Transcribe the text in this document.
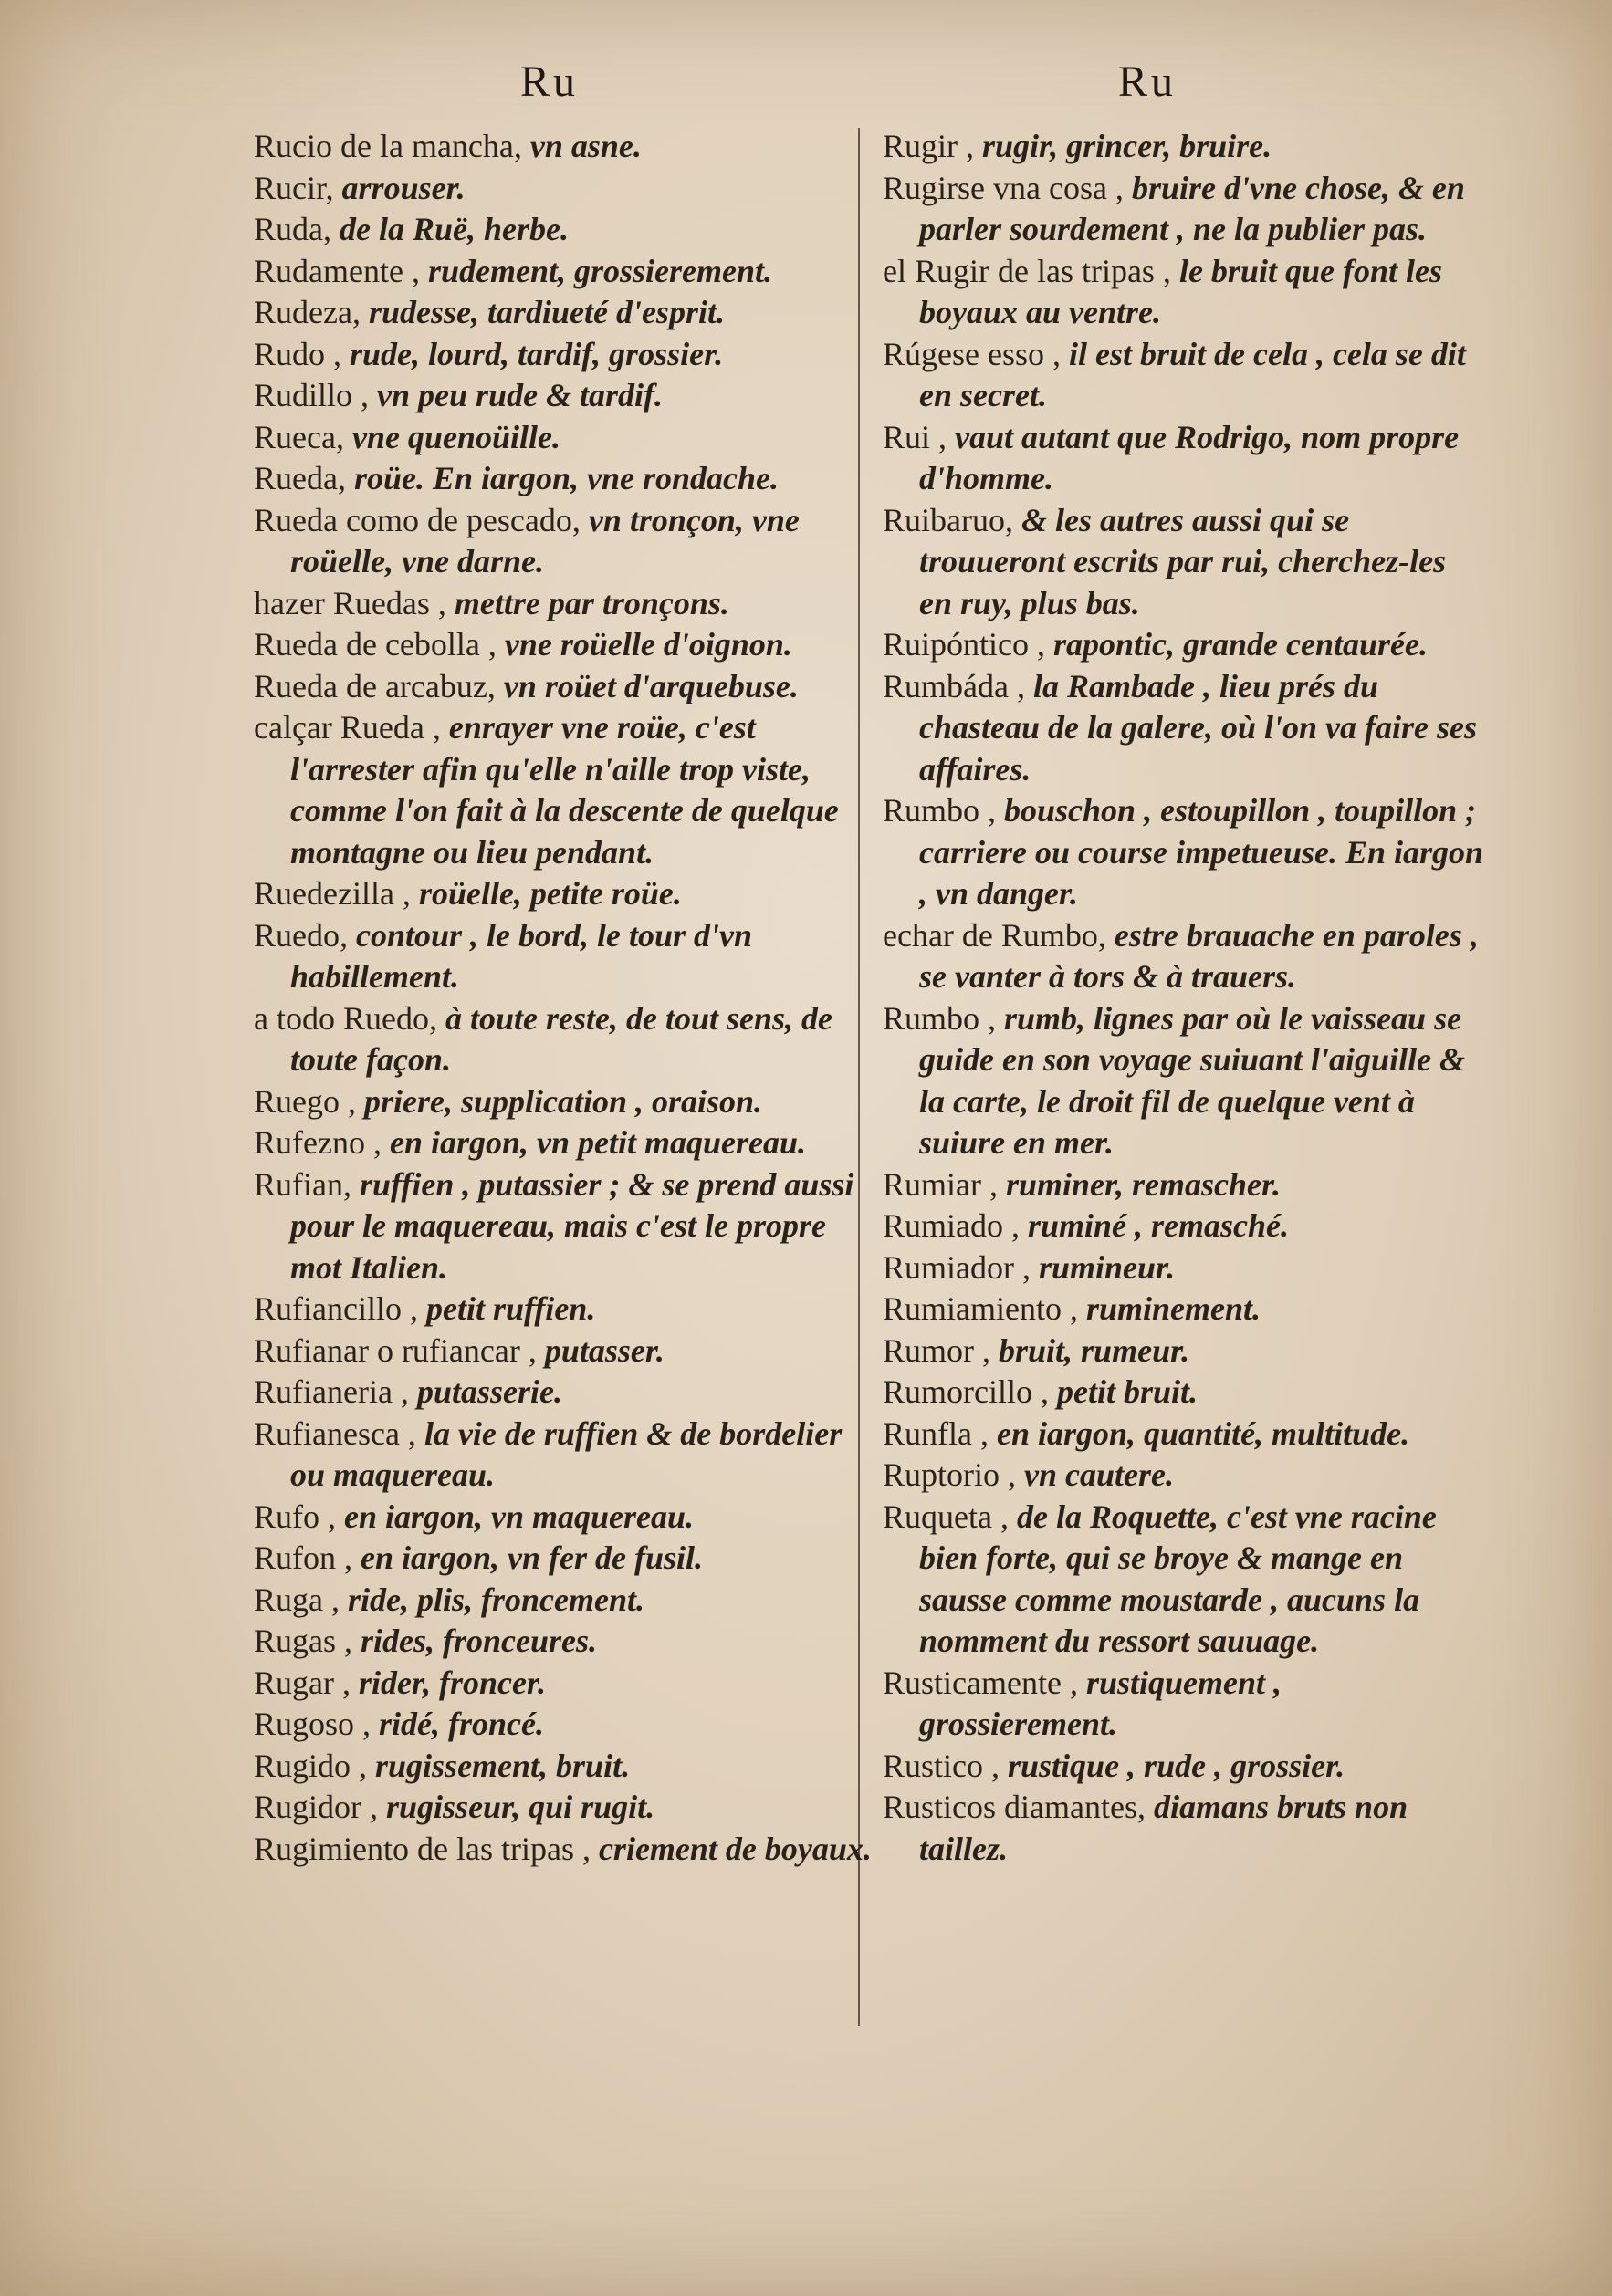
Ru	Ru

Rucio de la mancha, vn asne.

Rucir, arrouser.

Ruda, de la Ruë, herbe.

Rudamente , rudement, grossierement.

Rudeza, rudesse, tardiueté d'esprit.

Rudo , rude, lourd, tardif, grossier.

Rudillo , vn peu rude & tardif.

Rueca, vne quenoüille.

Rueda, roüe. En iargon, vne rondache.

Rueda como de pescado, vn tronçon, vne roüelle, vne darne.

hazer Ruedas , mettre par tronçons.

Rueda de cebolla , vne roüelle d'oignon.

Rueda de arcabuz, vn roüet d'arquebuse.

calçar Rueda , enrayer vne roüe, c'est l'arrester afin qu'elle n'aille trop viste, comme l'on fait à la descente de quelque montagne ou lieu pendant.

Ruedezilla , roüelle, petite roüe.

Ruedo, contour , le bord, le tour d'vn habillement.

a todo Ruedo, à toute reste, de tout sens, de toute façon.

Ruego , priere, supplication , oraison.

Rufezno , en iargon, vn petit maquereau.

Rufian, ruffien , putassier ; & se prend aussi pour le maquereau, mais c'est le propre mot Italien.

Rufiancillo , petit ruffien.

Rufianar o rufiancar , putasser.

Rufianeria , putasserie.

Rufianesca , la vie de ruffien & de bordelier ou maquereau.

Rufo , en iargon, vn maquereau.

Rufon , en iargon, vn fer de fusil.

Ruga , ride, plis, froncement.

Rugas , rides, fronceures.

Rugar , rider, froncer.

Rugoso , ridé, froncé.

Rugido , rugissement, bruit.

Rugidor , rugisseur, qui rugit.

Rugimiento de las tripas , criement de boyaux.

Rugir , rugir, grincer, bruire.

Rugirse vna cosa , bruire d'vne chose, & en parler sourdement , ne la publier pas.

el Rugir de las tripas , le bruit que font les boyaux au ventre.

Rúgese esso , il est bruit de cela , cela se dit en secret.

Rui , vaut autant que Rodrigo, nom propre d'homme.

Ruibaruo, & les autres aussi qui se trouueront escrits par rui, cherchez-les en ruy, plus bas.

Ruipóntico , rapontic, grande centaurée.

Rumbáda , la Rambade , lieu prés du chasteau de la galere, où l'on va faire ses affaires.

Rumbo , bouschon , estoupillon , toupillon ; carriere ou course impetueuse. En iargon , vn danger.

echar de Rumbo, estre brauache en paroles , se vanter à tors & à trauers.

Rumbo , rumb, lignes par où le vaisseau se guide en son voyage suiuant l'aiguille & la carte, le droit fil de quelque vent à suiure en mer.

Rumiar , ruminer, remascher.

Rumiado , ruminé , remasché.

Rumiador , rumineur.

Rumiamiento , ruminement.

Rumor , bruit, rumeur.

Rumorcillo , petit bruit.

Runfla , en iargon, quantité, multitude.

Ruptorio , vn cautere.

Ruqueta , de la Roquette, c'est vne racine bien forte, qui se broye & mange en sausse comme moustarde , aucuns la nomment du ressort sauuage.

Rusticamente , rustiquement , grossierement.

Rustico , rustique , rude , grossier.

Rusticos diamantes, diamans bruts non taillez.
